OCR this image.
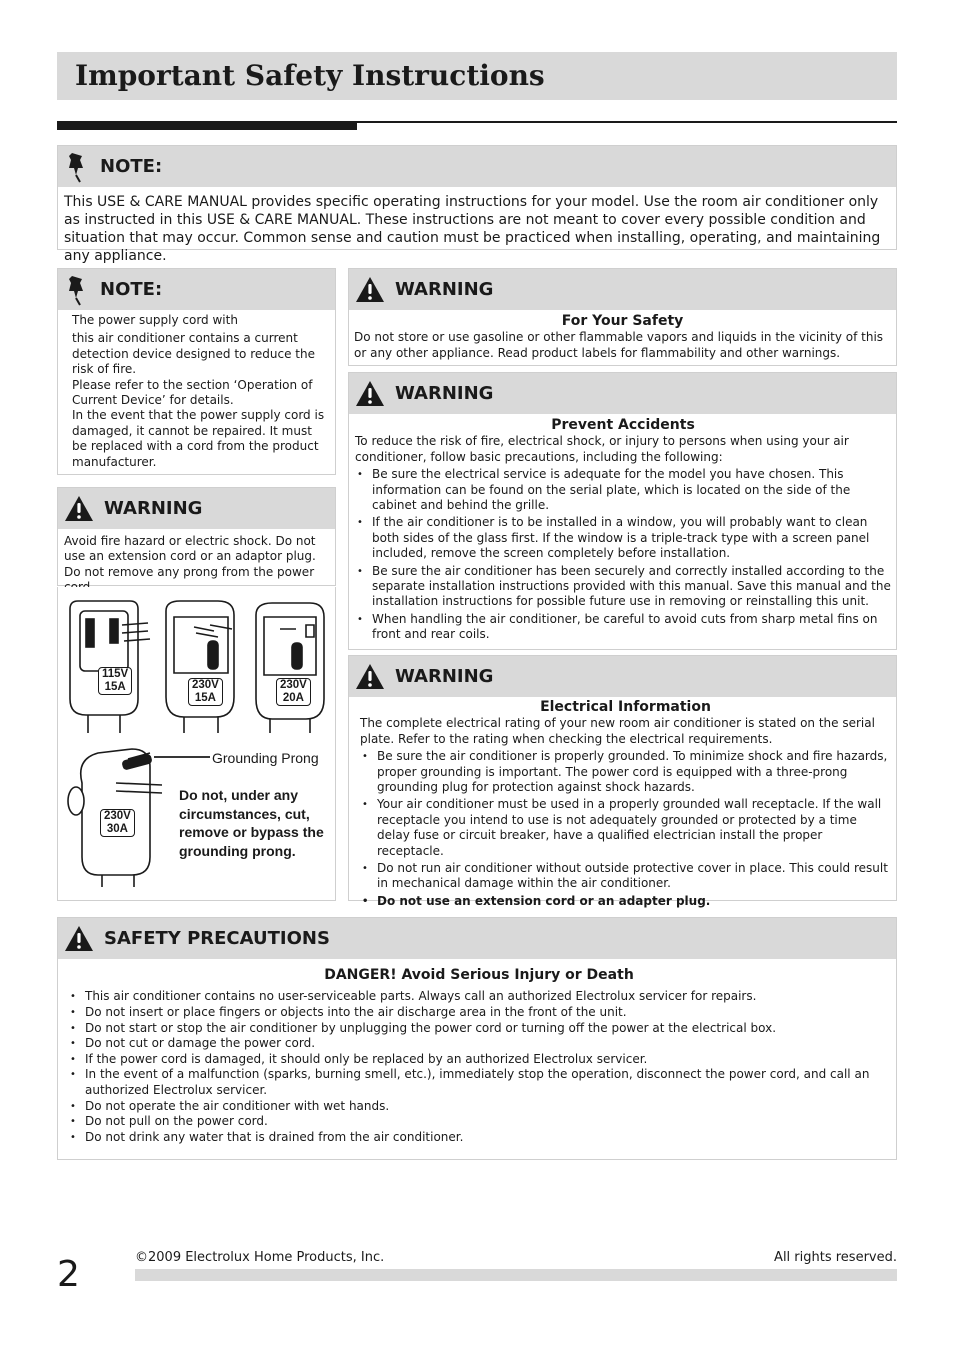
Important Safety Instructions
NOTE:
This USE & CARE MANUAL provides specific operating instructions for your model. Use the room air conditioner only as instructed in this USE & CARE MANUAL. These instructions are not meant to cover every possible condition and situation that may occur. Common sense and caution must be practiced when installing, operating, and maintaining any appliance.
NOTE:
The power supply cord with
this air conditioner contains a current detection device designed to reduce the risk of fire.
Please refer to the section ‘Operation of Current Device’ for details.
In the event that the power supply cord is damaged, it cannot be repaired. It must be replaced with a cord from the product manufacturer.
WARNING
Avoid fire hazard or electric shock. Do not use an extension cord or an adaptor plug. Do not remove any prong from the power
115V
15A	230V
15A
230V
20A
230V
30A
Grounding Prong
Do not, under any circumstances, cut, remove or bypass the grounding prong.
WARNING
For Your Safety
Do not store or use gasoline or other flammable vapors and liquids in the vicinity of this or any other appliance. Read product labels for flammability and other warnings.
WARNING
Prevent Accidents
To reduce the risk of fire, electrical shock, or injury to persons when using your air conditioner, follow basic precautions, including the following:
• Be sure the electrical service is adequate for the model you have chosen. This information can be found on the serial plate, which is located on the side of the cabinet and behind the grille.
• If the air conditioner is to be installed in a window, you will probably want to clean both sides of the glass first. If the window is a triple-track type with a screen panel included, remove the screen completely before installation.
• Be sure the air conditioner has been securely and correctly installed according to the separate installation instructions provided with this manual. Save this manual and the installation instructions for possible future use in removing or reinstalling this unit.
• When handling the air conditioner, be careful to avoid cuts from sharp metal fins on front and rear coils.
WARNING
Electrical Information
The complete electrical rating of your new room air conditioner is stated on the serial plate. Refer to the rating when checking the electrical requirements.
• Be sure the air conditioner is properly grounded. To minimize shock and fire hazards, proper grounding is important. The power cord is equipped with a three-prong grounding plug for protection against shock hazards.
• Your air conditioner must be used in a properly grounded wall receptacle. If the wall receptacle you intend to use is not adequately grounded or protected by a time delay fuse or circuit breaker, have a qualified electrician install the proper receptacle.
• Do not run air conditioner without outside protective cover in place. This could result in mechanical damage within the air conditioner.
• Do not use an extension cord or an adapter plug.
SAFETY PRECAUTIONS
DANGER! Avoid Serious Injury or Death
• This air conditioner contains no user-serviceable parts. Always call an authorized Electrolux servicer for repairs.
• Do not insert or place fingers or objects into the air discharge area in the front of the unit.
• Do not start or stop the air conditioner by unplugging the power cord or turning off the power at the electrical box.
• Do not cut or damage the power cord.
• If the power cord is damaged, it should only be replaced by an authorized Electrolux servicer.
• In the event of a malfunction (sparks, burning smell, etc.), immediately stop the operation, disconnect the power cord, and call an authorized Electrolux servicer.
• Do not operate the air conditioner with wet hands.
• Do not pull on the power cord.
• Do not drink any water that is drained from the air conditioner.
2	©2009 Electrolux Home Products, Inc.	All rights reserved.
